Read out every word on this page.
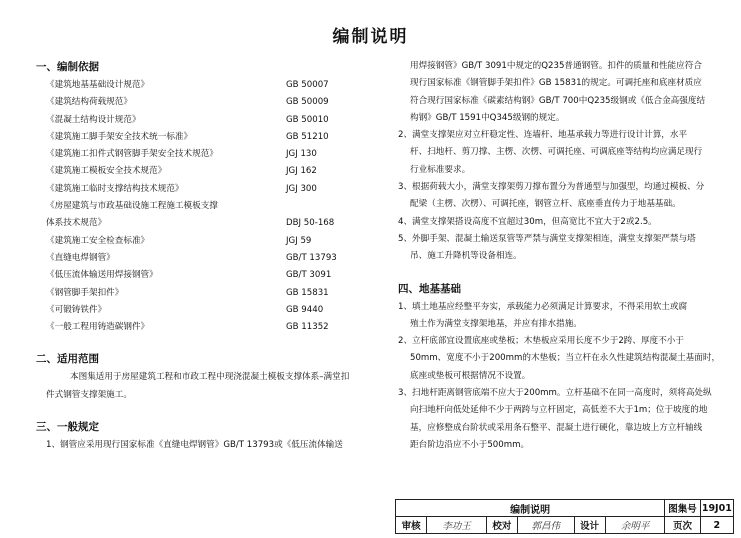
编制说明
一、编制依据
《建筑地基基础设计规范》	GB 50007
《建筑结构荷载规范》	GB 50009
《混凝土结构设计规范》	GB 50010
《建筑施工脚手架安全技术统一标准》	GB 51210
《建筑施工扣件式钢管脚手架安全技术规范》	JGJ 130
《建筑施工模板安全技术规范》	JGJ 162
《建筑施工临时支撑结构技术规范》	JGJ 300
《房屋建筑与市政基础设施工程施工模板支撑
体系技术规范》	DBJ 50-168
《建筑施工安全检查标准》	JGJ 59
《直缝电焊钢管》	GB/T 13793
《低压流体输送用焊接钢管》	GB/T 3091
《钢管脚手架扣件》	GB 15831
《可锻铸铁件》	GB 9440
《一般工程用铸造碳钢件》	GB 11352
二、适用范围
本图集适用于房屋建筑工程和市政工程中现浇混凝土模板支撑体系–满堂扣
件式钢管支撑架施工。
三、一般规定
1、钢管应采用现行国家标准《直缝电焊钢管》GB/T 13793或《低压流体输送
用焊接钢管》GB/T 3091中规定的Q235普通钢管。扣件的质量和性能应符合
现行国家标准《钢管脚手架扣件》GB 15831的规定。可调托座和底座材质应
符合现行国家标准《碳素结构钢》GB/T 700中Q235级钢或《低合金高强度结
构钢》GB/T 1591中Q345级钢的规定。
2、满堂支撑架应对立杆稳定性、连墙杆、地基承载力等进行设计计算，水平
杆、扫地杆、剪刀撑、主楞、次楞、可调托座、可调底座等结构均应满足现行
行业标准要求。
3、根据荷载大小，满堂支撑架剪刀撑布置分为普通型与加强型，均通过模板、分
配梁（主楞、次楞）、可调托座，钢管立杆、底座垂直传力于地基基础。
4、满堂支撑架搭设高度不宜超过30m，但高宽比不宜大于2或2.5。
5、外脚手架、混凝土输送泵管等严禁与满堂支撑架相连，满堂支撑架严禁与塔
吊、施工升降机等设备相连。
四、地基基础
1、填土地基应经整平夯实，承载能力必须满足计算要求，不得采用软土或腐
殖土作为满堂支撑架地基，并应有排水措施。
2、立杆底部宜设置底座或垫板；木垫板应采用长度不少于2跨、厚度不小于
50mm、宽度不小于200mm的木垫板；当立杆在永久性建筑结构混凝土基面时，
底座或垫板可根据情况不设置。
3、扫地杆距离钢管底端不应大于200mm。立杆基础不在同一高度时，须将高处纵
向扫地杆向低处延伸不少于两跨与立杆固定，高低差不大于1m；位于坡度的地
基，应修整成台阶状或采用条石整平、混凝土进行硬化，靠边坡上方立杆轴线
距台阶边沿应不小于500mm。
编制说明						图集号	19J01
审核	李功王	校对	郭昌伟	设计	余明平	页次	2
